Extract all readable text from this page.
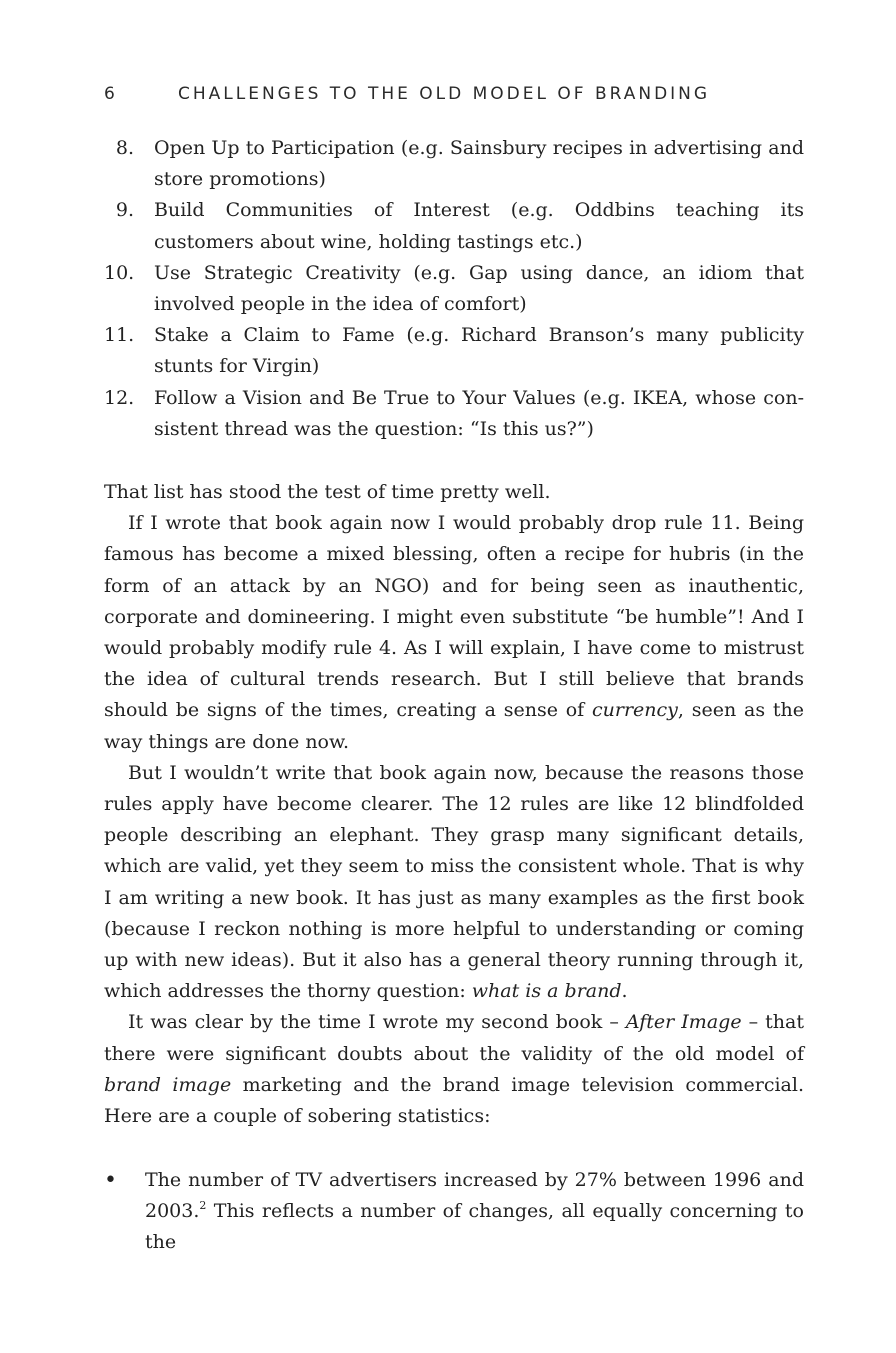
6	CHALLENGES TO THE OLD MODEL OF BRANDING
8.	Open Up to Participation (e.g. Sainsbury recipes in advertising and store promotions)
9.	Build Communities of Interest (e.g. Oddbins teaching its customers about wine, holding tastings etc.)
10.	Use Strategic Creativity (e.g. Gap using dance, an idiom that involved people in the idea of comfort)
11.	Stake a Claim to Fame (e.g. Richard Branson’s many publicity stunts for Virgin)
12.	Follow a Vision and Be True to Your Values (e.g. IKEA, whose consistent thread was the question: “Is this us?”)

That list has stood the test of time pretty well.

If I wrote that book again now I would probably drop rule 11. Being famous has become a mixed blessing, often a recipe for hubris (in the form of an attack by an NGO) and for being seen as inauthentic, corporate and domineering. I might even substitute “be humble”! And I would probably modify rule 4. As I will explain, I have come to mistrust the idea of cultural trends research. But I still believe that brands should be signs of the times, creating a sense of currency, seen as the way things are done now.

But I wouldn’t write that book again now, because the reasons those rules apply have become clearer. The 12 rules are like 12 blindfolded people describing an elephant. They grasp many significant details, which are valid, yet they seem to miss the consistent whole. That is why I am writing a new book. It has just as many examples as the first book (because I reckon nothing is more helpful to understanding or coming up with new ideas). But it also has a general theory running through it, which addresses the thorny question: what is a brand.

It was clear by the time I wrote my second book – After Image – that there were significant doubts about the validity of the old model of brand image marketing and the brand image television commercial. Here are a couple of sobering statistics:

•	The number of TV advertisers increased by 27% between 1996 and 2003.$^2$ This reflects a number of changes, all equally concerning to the
